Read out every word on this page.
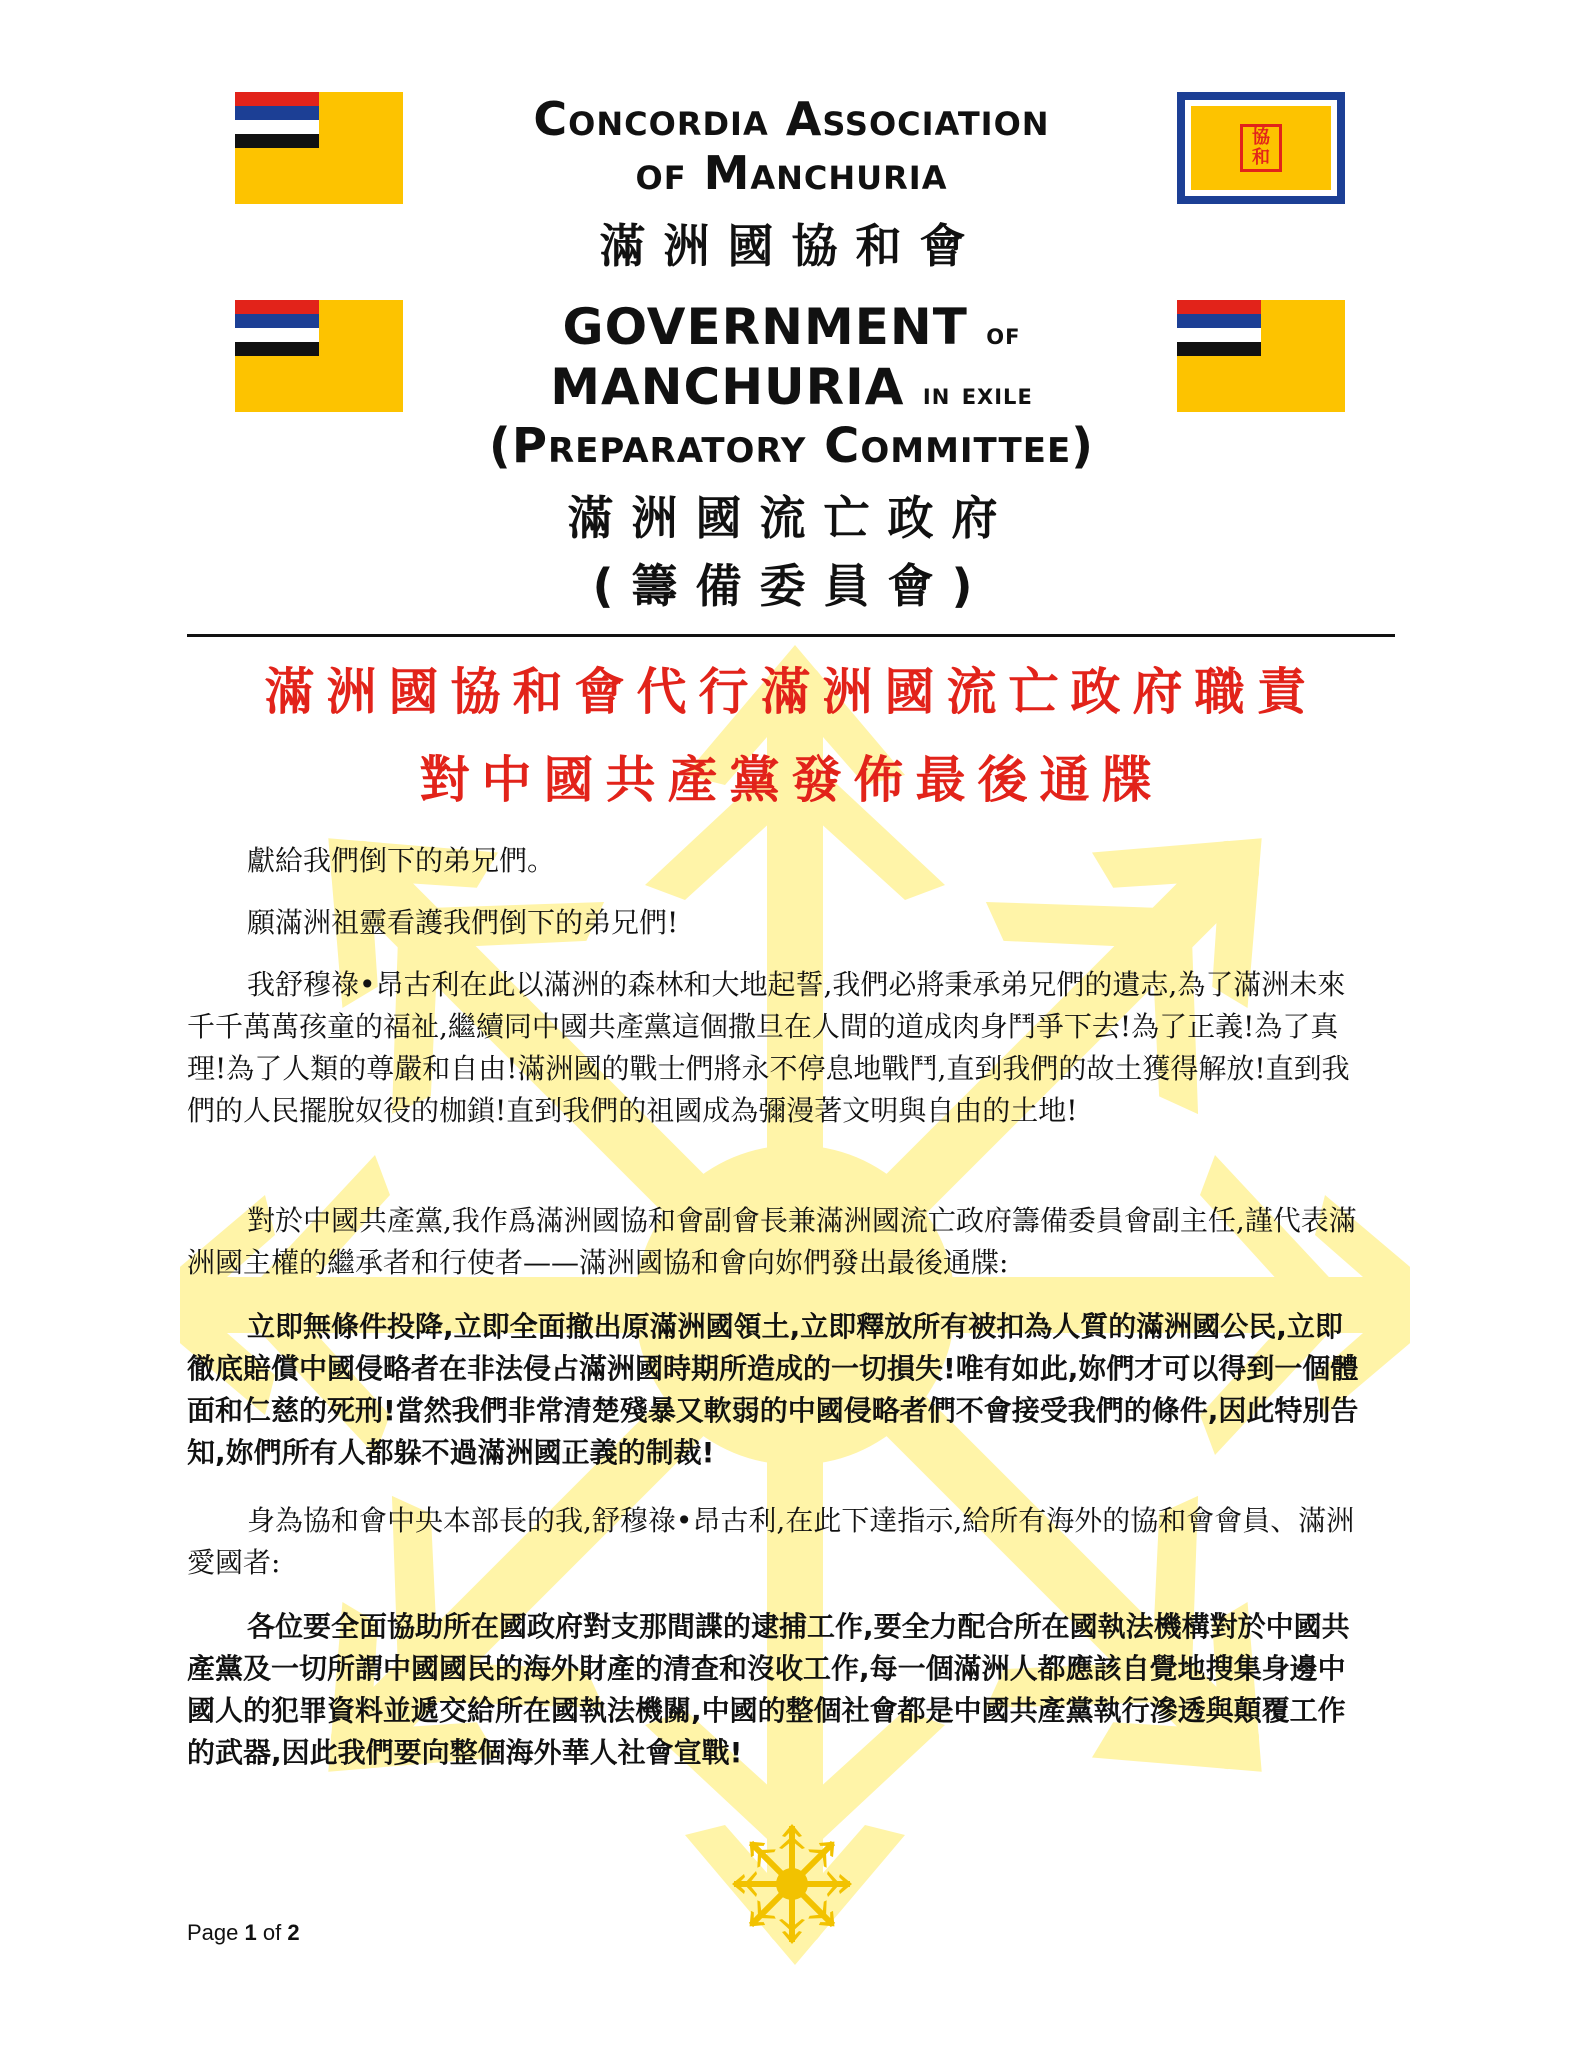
協
和
Concordia Association
of Manchuria
滿洲國協和會
GOVERNMENT of
MANCHURIA in exile
(Preparatory Committee)
滿洲國流亡政府
(籌備委員會)
滿洲國協和會代行滿洲國流亡政府職責
對中國共產黨發佈最後通牒

獻給我們倒下的弟兄們。

願滿洲祖靈看護我們倒下的弟兄們!

我舒穆祿•昂古利在此以滿洲的森林和大地起誓,我們必將秉承弟兄們的遺志,為了滿洲未來千千萬萬孩童的福祉,繼續同中國共產黨這個撒旦在人間的道成肉身鬥爭下去!為了正義!為了真理!為了人類的尊嚴和自由!滿洲國的戰士們將永不停息地戰鬥,直到我們的故土獲得解放!直到我們的人民擺脫奴役的枷鎖!直到我們的祖國成為彌漫著文明與自由的土地!

對於中國共產黨,我作爲滿洲國協和會副會長兼滿洲國流亡政府籌備委員會副主任,謹代表滿洲國主權的繼承者和行使者——滿洲國協和會向妳們發出最後通牒:

立即無條件投降,立即全面撤出原滿洲國領土,立即釋放所有被扣為人質的滿洲國公民,立即徹底賠償中國侵略者在非法侵占滿洲國時期所造成的一切損失!唯有如此,妳們才可以得到一個體面和仁慈的死刑!當然我們非常清楚殘暴又軟弱的中國侵略者們不會接受我們的條件,因此特別告知,妳們所有人都躲不過滿洲國正義的制裁!

身為協和會中央本部長的我,舒穆祿•昂古利,在此下達指示,給所有海外的協和會會員、滿洲愛國者:

各位要全面協助所在國政府對支那間諜的逮捕工作,要全力配合所在國執法機構對於中國共產黨及一切所謂中國國民的海外財產的清查和沒收工作,每一個滿洲人都應該自覺地搜集身邊中國人的犯罪資料並遞交給所在國執法機關,中國的整個社會都是中國共產黨執行滲透與顛覆工作的武器,因此我們要向整個海外華人社會宣戰!

Page 1 of 2
